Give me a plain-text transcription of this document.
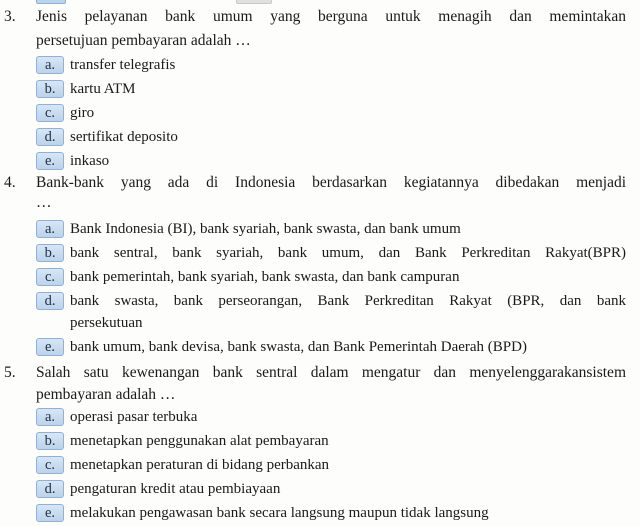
3. Jenis pelayanan bank umum yang berguna untuk menagih dan memintakan
persetujuan pembayaran adalah …
a. transfer telegrafis
b. kartu ATM
c. giro
d. sertifikat deposito
e. inkaso
4. Bank-bank yang ada di Indonesia berdasarkan kegiatannya dibedakan menjadi
…
a. Bank Indonesia (BI), bank syariah, bank swasta, dan bank umum
b. bank sentral, bank syariah, bank umum, dan Bank Perkreditan Rakyat(BPR)
c. bank pemerintah, bank syariah, bank swasta, dan bank campuran
d. bank swasta, bank perseorangan, Bank Perkreditan Rakyat (BPR, dan bank
persekutuan
e. bank umum, bank devisa, bank swasta, dan Bank Pemerintah Daerah (BPD)
5. Salah satu kewenangan bank sentral dalam mengatur dan menyelenggarakansistem
pembayaran adalah …
a. operasi pasar terbuka
b. menetapkan penggunakan alat pembayaran
c. menetapkan peraturan di bidang perbankan
d. pengaturan kredit atau pembiayaan
e. melakukan pengawasan bank secara langsung maupun tidak langsung
